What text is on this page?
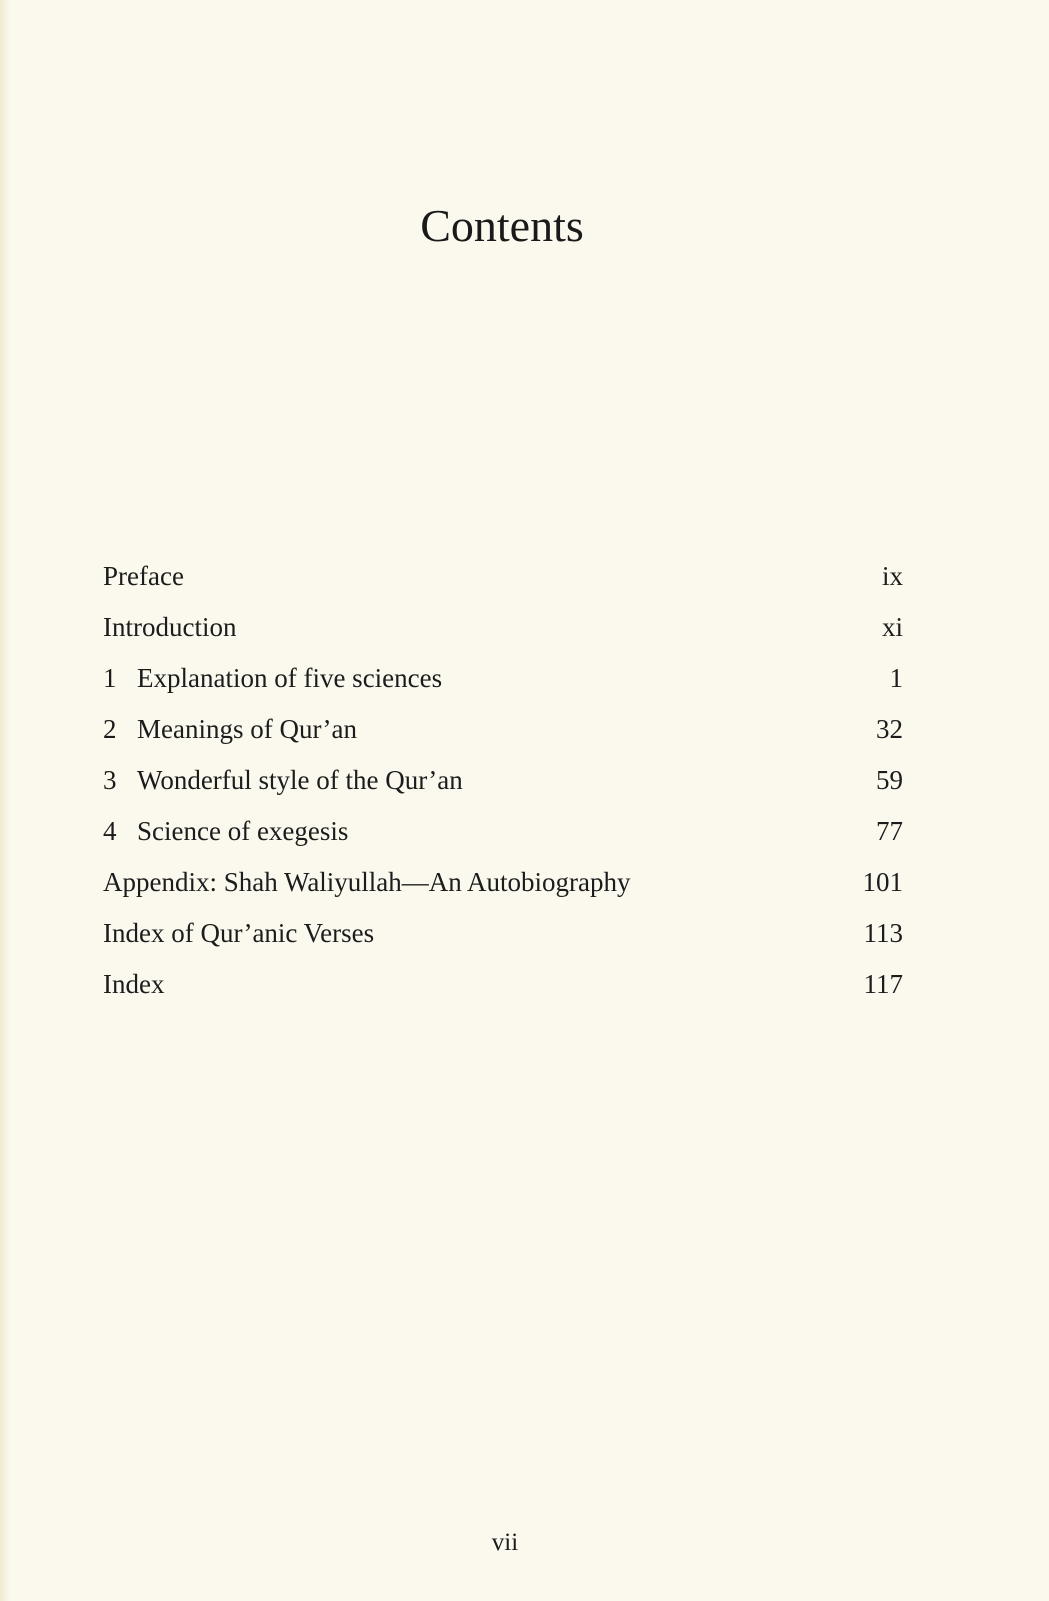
Contents
Preface	ix
Introduction	xi
1 Explanation of five sciences	1
2 Meanings of Qur’an	32
3 Wonderful style of the Qur’an	59
4 Science of exegesis	77
Appendix: Shah Waliyullah—An Autobiography	101
Index of Qur’anic Verses	113
Index	117
vii
